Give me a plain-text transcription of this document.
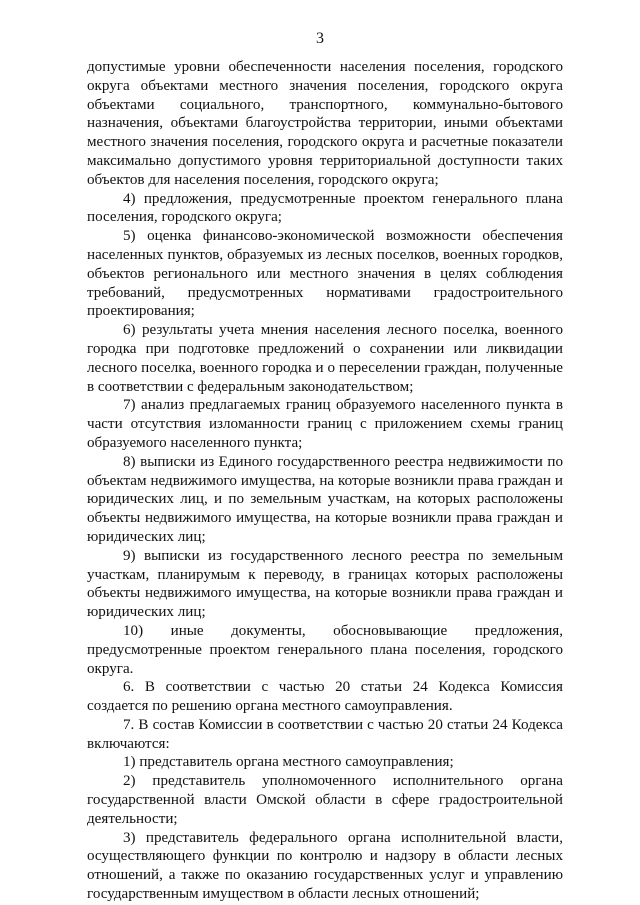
3

допустимые уровни обеспеченности населения поселения, городского округа объектами местного значения поселения, городского округа объектами социального, транспортного, коммунально-бытового назначения, объектами благоустройства территории, иными объектами местного значения поселения, городского округа и расчетные показатели максимально допустимого уровня территориальной доступности таких объектов для населения поселения, городского округа;

4) предложения, предусмотренные проектом генерального плана поселения, городского округа;

5) оценка финансово-экономической возможности обеспечения населенных пунктов, образуемых из лесных поселков, военных городков, объектов регионального или местного значения в целях соблюдения требований, предусмотренных нормативами градостроительного проектирования;

6) результаты учета мнения населения лесного поселка, военного городка при подготовке предложений о сохранении или ликвидации лесного поселка, военного городка и о переселении граждан, полученные в соответствии с федеральным законодательством;

7) анализ предлагаемых границ образуемого населенного пункта в части отсутствия изломанности границ с приложением схемы границ образуемого населенного пункта;

8) выписки из Единого государственного реестра недвижимости по объектам недвижимого имущества, на которые возникли права граждан и юридических лиц, и по земельным участкам, на которых расположены объекты недвижимого имущества, на которые возникли права граждан и юридических лиц;

9) выписки из государственного лесного реестра по земельным участкам, планирумым к переводу, в границах которых расположены объекты недвижимого имущества, на которые возникли права граждан и юридических лиц;

10) иные документы, обосновывающие предложения, предусмотренные проектом генерального плана поселения, городского округа.

6. В соответствии с частью 20 статьи 24 Кодекса Комиссия создается по решению органа местного самоуправления.

7. В состав Комиссии в соответствии с частью 20 статьи 24 Кодекса включаются:

1) представитель органа местного самоуправления;

2) представитель уполномоченного исполнительного органа государственной власти Омской области в сфере градостроительной деятельности;

3) представитель федерального органа исполнительной власти, осуществляющего функции по контролю и надзору в области лесных отношений, а также по оказанию государственных услуг и управлению государственным имуществом в области лесных отношений;
